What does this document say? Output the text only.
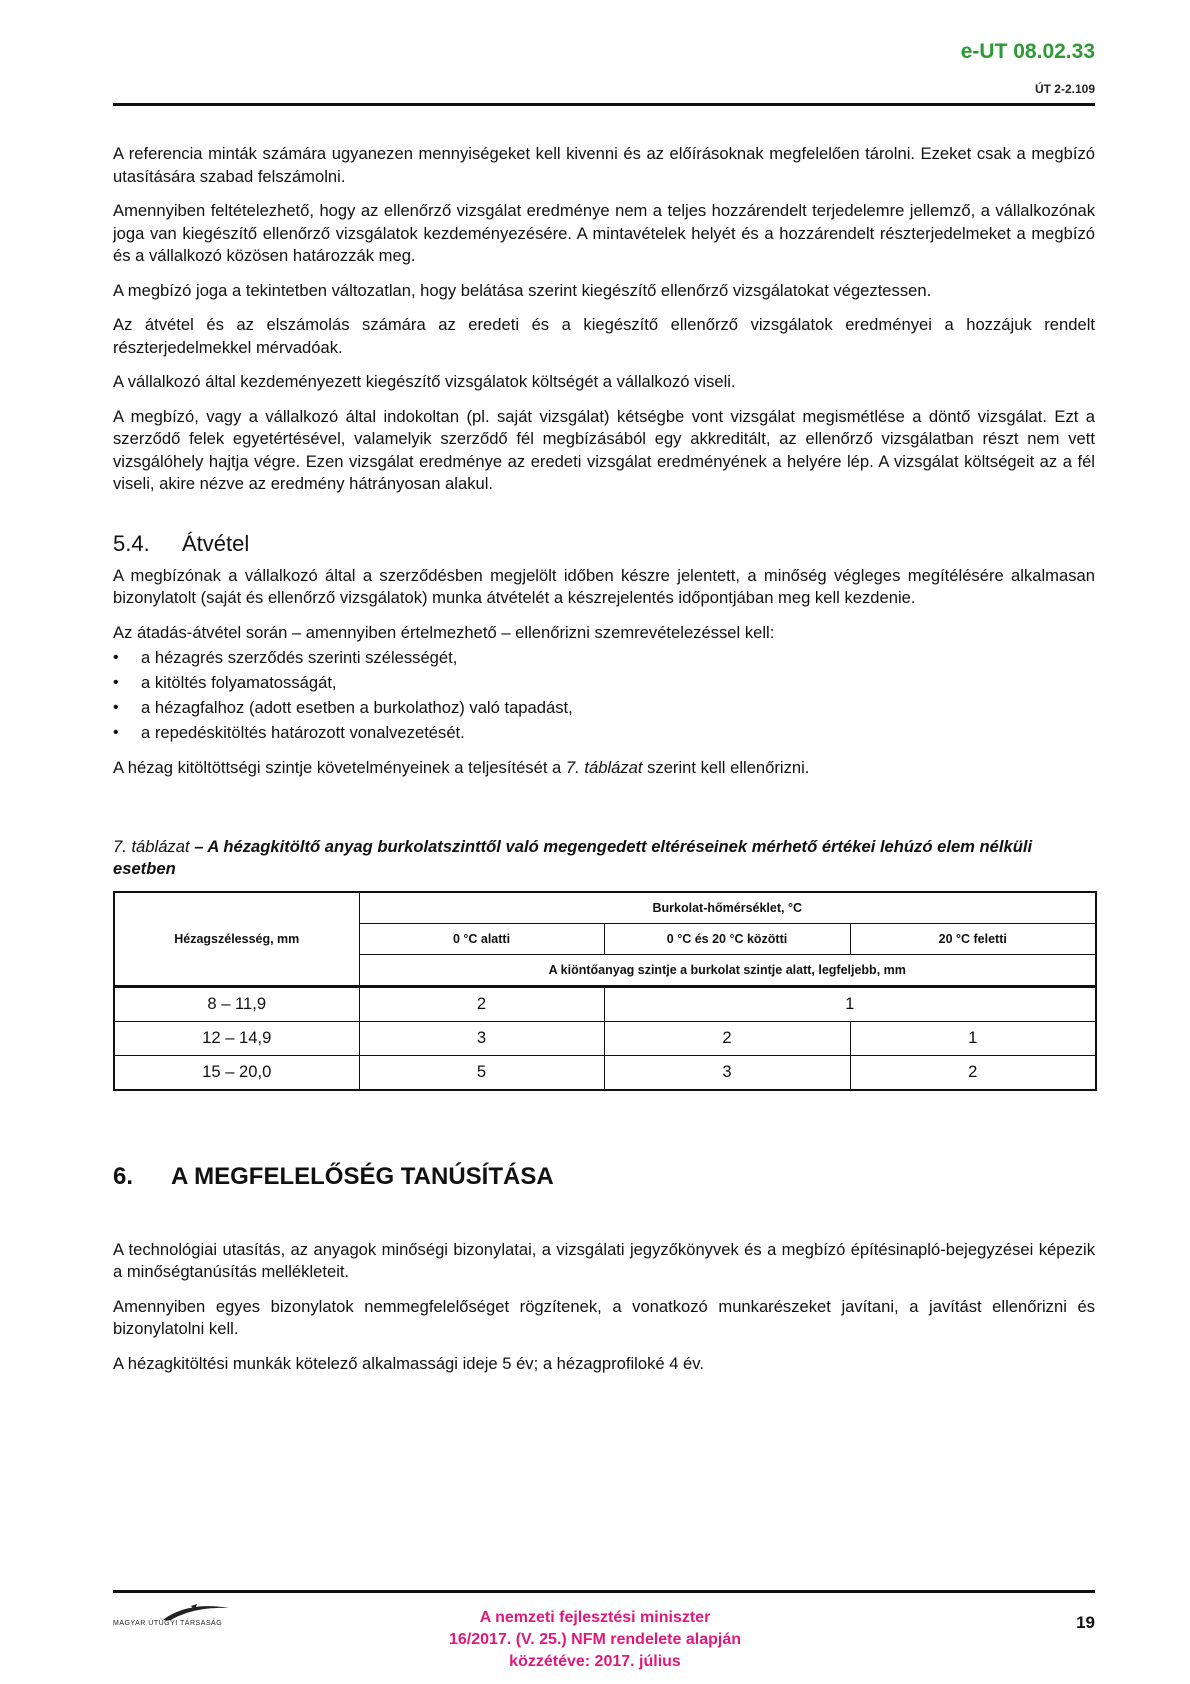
e-UT 08.02.33
ÚT 2-2.109

A referencia minták számára ugyanezen mennyiségeket kell kivenni és az előírásoknak megfelelően tárolni. Ezeket csak a megbízó utasítására szabad felszámolni.

Amennyiben feltételezhető, hogy az ellenőrző vizsgálat eredménye nem a teljes hozzárendelt terjedelemre jellemző, a vállalkozónak joga van kiegészítő ellenőrző vizsgálatok kezdeményezésére. A mintavételek helyét és a hozzárendelt részterjedelmeket a megbízó és a vállalkozó közösen határozzák meg.

A megbízó joga a tekintetben változatlan, hogy belátása szerint kiegészítő ellenőrző vizsgálatokat végeztessen.

Az átvétel és az elszámolás számára az eredeti és a kiegészítő ellenőrző vizsgálatok eredményei a hozzájuk rendelt részterjedelmekkel mérvadóak.

A vállalkozó által kezdeményezett kiegészítő vizsgálatok költségét a vállalkozó viseli.

A megbízó, vagy a vállalkozó által indokoltan (pl. saját vizsgálat) kétségbe vont vizsgálat megismétlése a döntő vizsgálat. Ezt a szerződő felek egyetértésével, valamelyik szerződő fél megbízásából egy akkreditált, az ellenőrző vizsgálatban részt nem vett vizsgálóhely hajtja végre. Ezen vizsgálat eredménye az eredeti vizsgálat eredményének a helyére lép. A vizsgálat költségeit az a fél viseli, akire nézve az eredmény hátrányosan alakul.

5.4. Átvétel

A megbízónak a vállalkozó által a szerződésben megjelölt időben készre jelentett, a minőség végleges megítélésére alkalmasan bizonylatolt (saját és ellenőrző vizsgálatok) munka átvételét a készrejelentés időpontjában meg kell kezdenie.

Az átadás-átvétel során – amennyiben értelmezhető – ellenőrizni szemrevételezéssel kell:

• a hézagrés szerződés szerinti szélességét,
• a kitöltés folyamatosságát,
• a hézagfalhoz (adott esetben a burkolathoz) való tapadást,
• a repedéskitöltés határozott vonalvezetését.

A hézag kitöltöttségi szintje követelményeinek a teljesítését a 7. táblázat szerint kell ellenőrizni.

7. táblázat – A hézagkitöltő anyag burkolatszinttől való megengedett eltéréseinek mérhető értékei lehúzó elem nélküli esetben
Hézagszélesség, mm	Burkolat-hőmérséklet, °C		
	0 °C alatti	0 °C és 20 °C közötti	20 °C feletti
	A kiöntőanyag szintje a burkolat szintje alatt, legfeljebb, mm		
8 – 11,9	2	1	
12 – 14,9	3	2	1
15 – 20,0	5	3	2
6. A MEGFELELŐSÉG TANÚSÍTÁSA

A technológiai utasítás, az anyagok minőségi bizonylatai, a vizsgálati jegyzőkönyvek és a megbízó építésinapló-bejegyzései képezik a minőségtanúsítás mellékleteit.

Amennyiben egyes bizonylatok nemmegfelelőséget rögzítenek, a vonatkozó munkarészeket javítani, a javítást ellenőrizni és bizonylatolni kell.

A hézagkitöltési munkák kötelező alkalmassági ideje 5 év; a hézagprofiloké 4 év.

MAGYAR ÚTÜGYI TÁRSASÁG	A nemzeti fejlesztési miniszter
16/2017. (V. 25.) NFM rendelete alapján
közzétéve: 2017. július
19
